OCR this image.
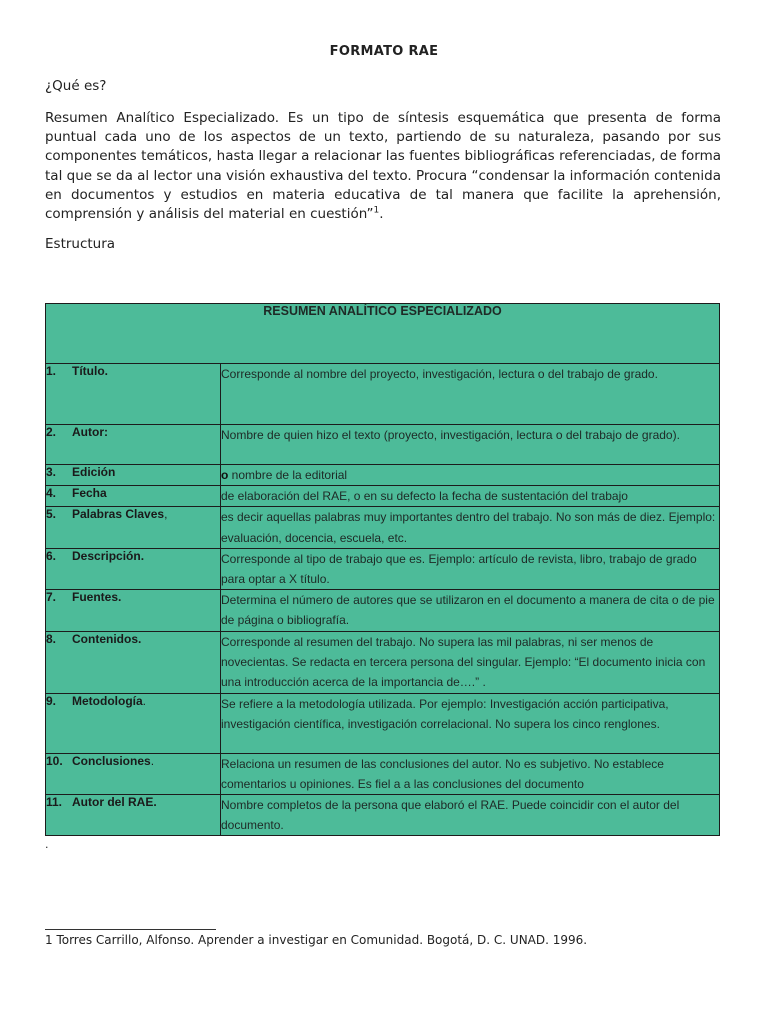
FORMATO RAE
¿Qué es?
Resumen Analítico Especializado. Es un tipo de síntesis esquemática que presenta de forma puntual cada uno de los aspectos de un texto, partiendo de su naturaleza, pasando por sus componentes temáticos, hasta llegar a relacionar las fuentes bibliográficas referenciadas, de forma tal que se da al lector una visión exhaustiva del texto. Procura “condensar la información contenida en documentos y estudios en materia educativa de tal manera que facilite la aprehensión, comprensión y análisis del material en cuestión”$^1$.
Estructura
RESUMEN ANALÍTICO ESPECIALIZADO	
1. Título.	Corresponde al nombre del proyecto, investigación, lectura o del trabajo de grado.
2. Autor:	Nombre de quien hizo el texto (proyecto, investigación, lectura o del trabajo de grado).
3. Edición	o nombre de la editorial
4. Fecha	de elaboración del RAE, o en su defecto la fecha de sustentación del trabajo
5. Palabras Claves,	es decir aquellas palabras muy importantes dentro del trabajo. No son más de diez. Ejemplo: evaluación, docencia, escuela, etc.
6. Descripción.	Corresponde al tipo de trabajo que es. Ejemplo: artículo de revista, libro, trabajo de grado para optar a X título.
7. Fuentes.	Determina el número de autores que se utilizaron en el documento a manera de cita o de pie de página o bibliografía.
8. Contenidos.	Corresponde al resumen del trabajo. No supera las mil palabras, ni ser menos de novecientas. Se redacta en tercera persona del singular. Ejemplo: “El documento inicia con una introducción acerca de la importancia de….” .
9. Metodología.	Se refiere a la metodología utilizada. Por ejemplo: Investigación acción participativa, investigación científica, investigación correlacional. No supera los cinco renglones.
10. Conclusiones.	Relaciona un resumen de las conclusiones del autor. No es subjetivo. No establece comentarios u opiniones. Es fiel a a las conclusiones del documento
11. Autor del RAE.	Nombre completos de la persona que elaboró el RAE. Puede coincidir con el autor del documento.
.
1 Torres Carrillo, Alfonso. Aprender a investigar en Comunidad. Bogotá, D. C. UNAD. 1996.
